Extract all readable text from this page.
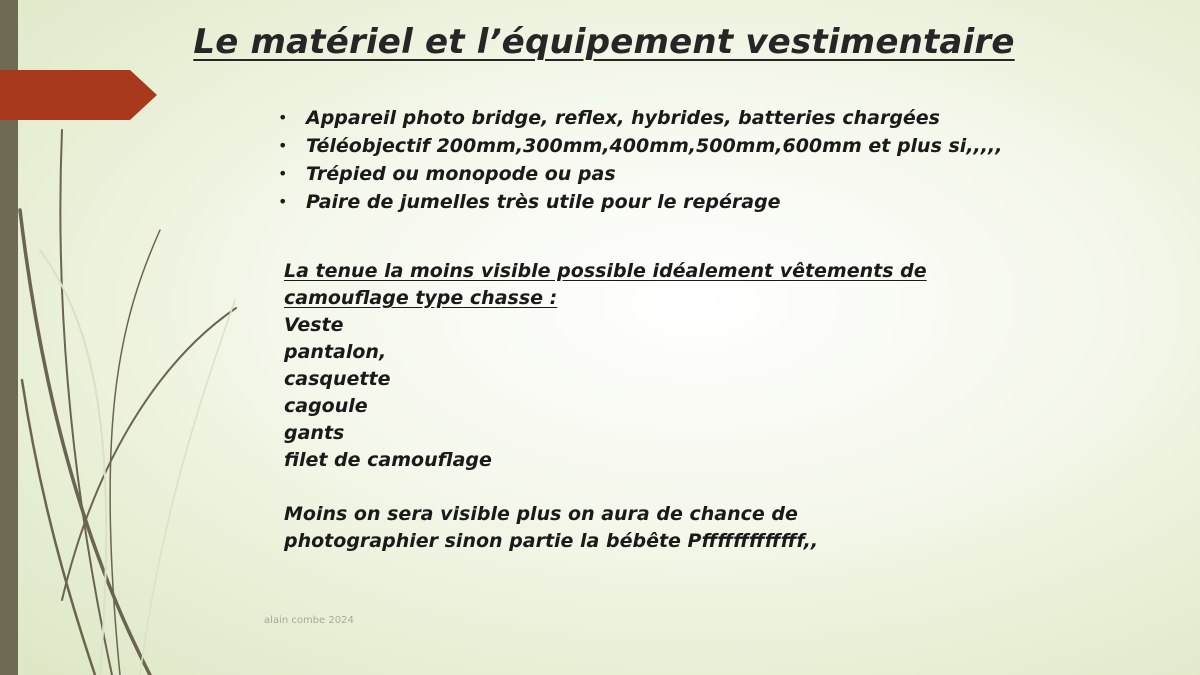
Le matériel et l’équipement vestimentaire
• Appareil photo bridge, reflex, hybrides, batteries chargées
• Téléobjectif 200mm,300mm,400mm,500mm,600mm et plus si,,,,,
• Trépied ou monopode ou pas
• Paire de jumelles très utile pour le repérage
La tenue la moins visible possible idéalement vêtements de
camouflage type chasse :
Veste
pantalon,
casquette
cagoule
gants
filet de camouflage
Moins on sera visible plus on aura de chance de
photographier sinon partie la bébête Pfffffffffffff,,
alain combe 2024
